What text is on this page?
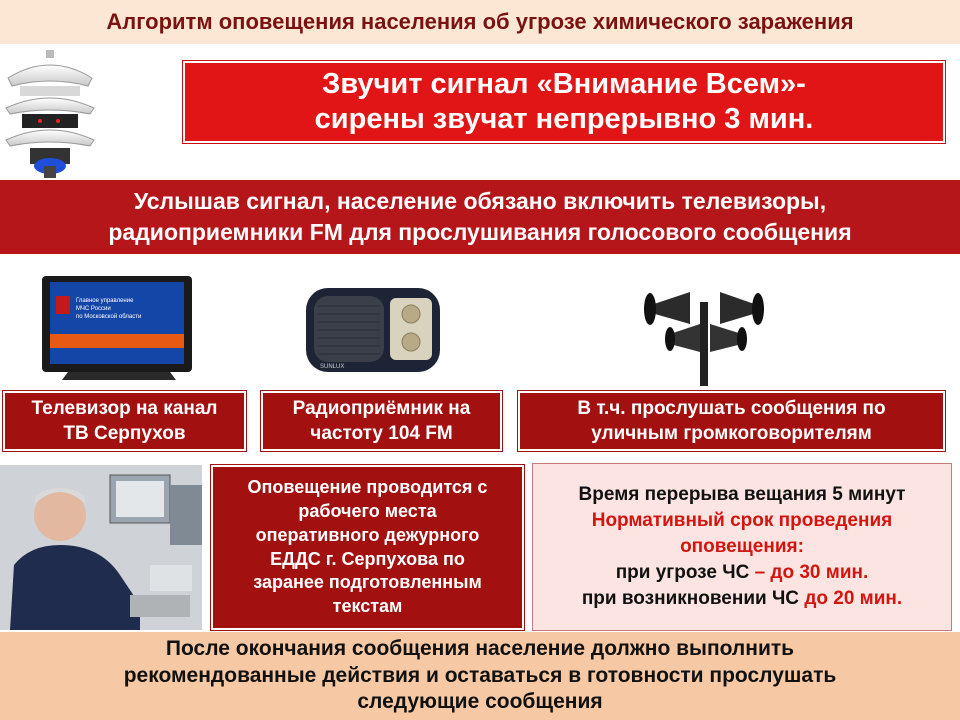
Алгоритм оповещения населения об угрозе химического заражения
Звучит сигнал «Внимание Всем»-
сирены звучат непрерывно 3 мин.
Услышав сигнал, население обязано включить телевизоры,
радиоприемники FM для прослушивания голосового сообщения
Главное управление
МЧС России
по Московской области
SUNLUX
Телевизор на канал
ТВ Серпухов
Радиоприёмник на
частоту 104 FM
В т.ч. прослушать сообщения по
уличным громкоговорителям
Оповещение проводится с
рабочего места
оперативного дежурного
ЕДДС г. Серпухова по
заранее подготовленным
текстам
Время перерыва вещания 5 минут
Нормативный срок проведения
оповещения:
при угрозе ЧС – до 30 мин.
при возникновении ЧС до 20 мин.
После окончания сообщения население должно выполнить
рекомендованные действия и оставаться в готовности прослушать
следующие сообщения
